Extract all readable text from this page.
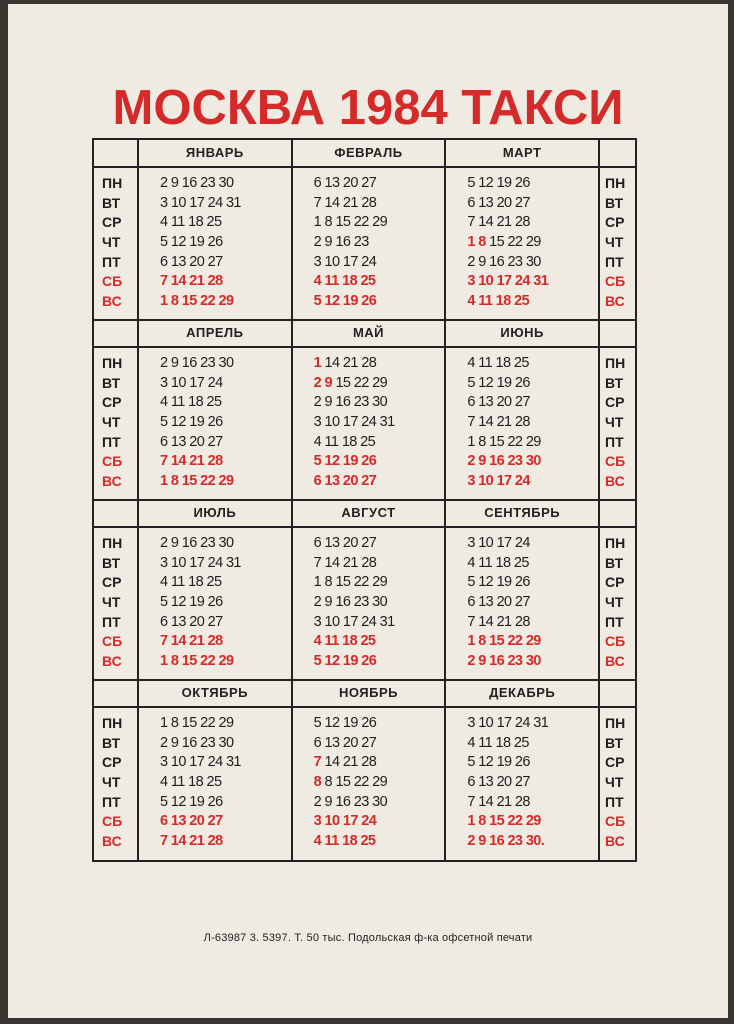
МОСКВА 1984 ТАКСИ
ПН
ВТ
СР
ЧТ
ПТ
СБ
ВС
ПН
ВТ
СР
ЧТ
ПТ
СБ
ВС
ПН
ВТ
СР
ЧТ
ПТ
СБ
ВС
ПН
ВТ
СР
ЧТ
ПТ
СБ
ВС
ПН
ВТ
СР
ЧТ
ПТ
СБ
ВС
ПН
ВТ
СР
ЧТ
ПТ
СБ
ВС
ПН
ВТ
СР
ЧТ
ПТ
СБ
ВС
ПН
ВТ
СР
ЧТ
ПТ
СБ
ВС
ЯНВАРЬ
2 9 16 23 30
3 10 17 24 31
4 11 18 25
5 12 19 26
6 13 20 27
7 14 21 28
1 8 15 22 29
ФЕВРАЛЬ
6 13 20 27
7 14 21 28
1 8 15 22 29
2 9 16 23
3 10 17 24
4 11 18 25
5 12 19 26
МАРТ
5 12 19 26
6 13 20 27
7 14 21 28
1 8 15 22 29
2 9 16 23 30
3 10 17 24 31
4 11 18 25
АПРЕЛЬ
2 9 16 23 30
3 10 17 24
4 11 18 25
5 12 19 26
6 13 20 27
7 14 21 28
1 8 15 22 29
МАЙ
1 14 21 28
2 9 15 22 29
2 9 16 23 30
3 10 17 24 31
4 11 18 25
5 12 19 26
6 13 20 27
ИЮНЬ
4 11 18 25
5 12 19 26
6 13 20 27
7 14 21 28
1 8 15 22 29
2 9 16 23 30
3 10 17 24
ИЮЛЬ
2 9 16 23 30
3 10 17 24 31
4 11 18 25
5 12 19 26
6 13 20 27
7 14 21 28
1 8 15 22 29
АВГУСТ
6 13 20 27
7 14 21 28
1 8 15 22 29
2 9 16 23 30
3 10 17 24 31
4 11 18 25
5 12 19 26
СЕНТЯБРЬ
3 10 17 24
4 11 18 25
5 12 19 26
6 13 20 27
7 14 21 28
1 8 15 22 29
2 9 16 23 30
ОКТЯБРЬ
1 8 15 22 29
2 9 16 23 30
3 10 17 24 31
4 11 18 25
5 12 19 26
6 13 20 27
7 14 21 28
НОЯБРЬ
5 12 19 26
6 13 20 27
7 14 21 28
8 8 15 22 29
2 9 16 23 30
3 10 17 24
4 11 18 25
ДЕКАБРЬ
3 10 17 24 31
4 11 18 25
5 12 19 26
6 13 20 27
7 14 21 28
1 8 15 22 29
2 9 16 23 30.
Л-63987 3. 5397. Т. 50 тыс. Подольская ф-ка офсетной печати
